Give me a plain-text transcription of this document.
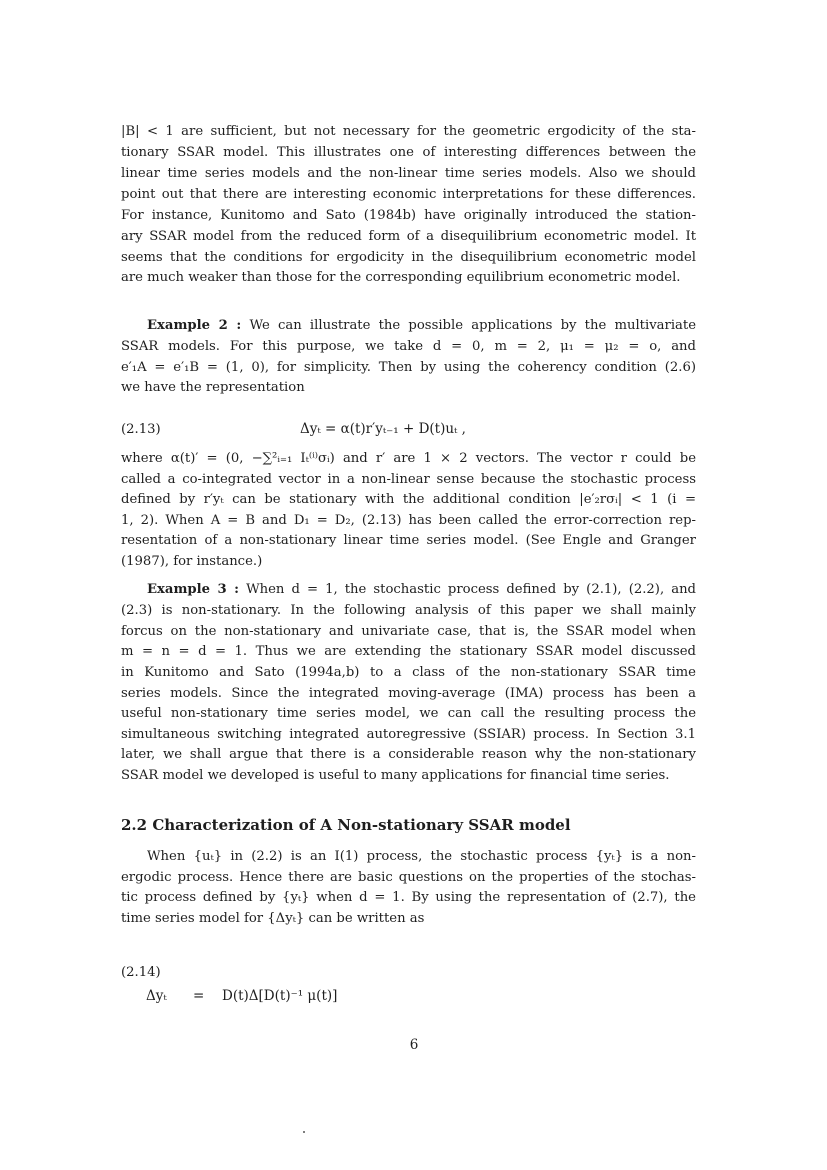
|B| < 1 are sufficient, but not necessary for the geometric ergodicity of the sta-
tionary SSAR model. This illustrates one of interesting differences between the
linear time series models and the non-linear time series models. Also we should
point out that there are interesting economic interpretations for these differences.
For instance, Kunitomo and Sato (1984b) have originally introduced the station-
ary SSAR model from the reduced form of a disequilibrium econometric model. It
seems that the conditions for ergodicity in the disequilibrium econometric model
are much weaker than those for the corresponding equilibrium econometric model.
Example 2 : We can illustrate the possible applications by the multivariate
SSAR models. For this purpose, we take d = 0, m = 2, μ₁ = μ₂ = o, and
e′₁A = e′₁B = (1, 0), for simplicity. Then by using the coherency condition (2.6)
we have the representation
(2.13)	Δyₜ = α(t)r′yₜ₋₁ + D(t)uₜ ,
where α(t)′ = (0, −∑²ᵢ₌₁ Iₜ⁽ⁱ⁾σᵢ) and r′ are 1 × 2 vectors. The vector r could be
called a co-integrated vector in a non-linear sense because the stochastic process
defined by r′yₜ can be stationary with the additional condition |e′₂rσᵢ| < 1 (i =
1, 2). When A = B and D₁ = D₂, (2.13) has been called the error-correction rep-
resentation of a non-stationary linear time series model. (See Engle and Granger
(1987), for instance.)
Example 3 : When d = 1, the stochastic process defined by (2.1), (2.2), and
(2.3) is non-stationary. In the following analysis of this paper we shall mainly
forcus on the non-stationary and univariate case, that is, the SSAR model when
m = n = d = 1. Thus we are extending the stationary SSAR model discussed
in Kunitomo and Sato (1994a,b) to a class of the non-stationary SSAR time
series models. Since the integrated moving-average (IMA) process has been a
useful non-stationary time series model, we can call the resulting process the
simultaneous switching integrated autoregressive (SSIAR) process. In Section 3.1
later, we shall argue that there is a considerable reason why the non-stationary
SSAR model we developed is useful to many applications for financial time series.
2.2 Characterization of A Non-stationary SSAR model
When {uₜ} in (2.2) is an I(1) process, the stochastic process {yₜ} is a non-
ergodic process. Hence there are basic questions on the properties of the stochas-
tic process defined by {yₜ} when d = 1. By using the representation of (2.7), the
time series model for {Δyₜ} can be written as
(2.14)
Δyₜ = D(t)Δ[D(t)⁻¹ μ(t)]
6
